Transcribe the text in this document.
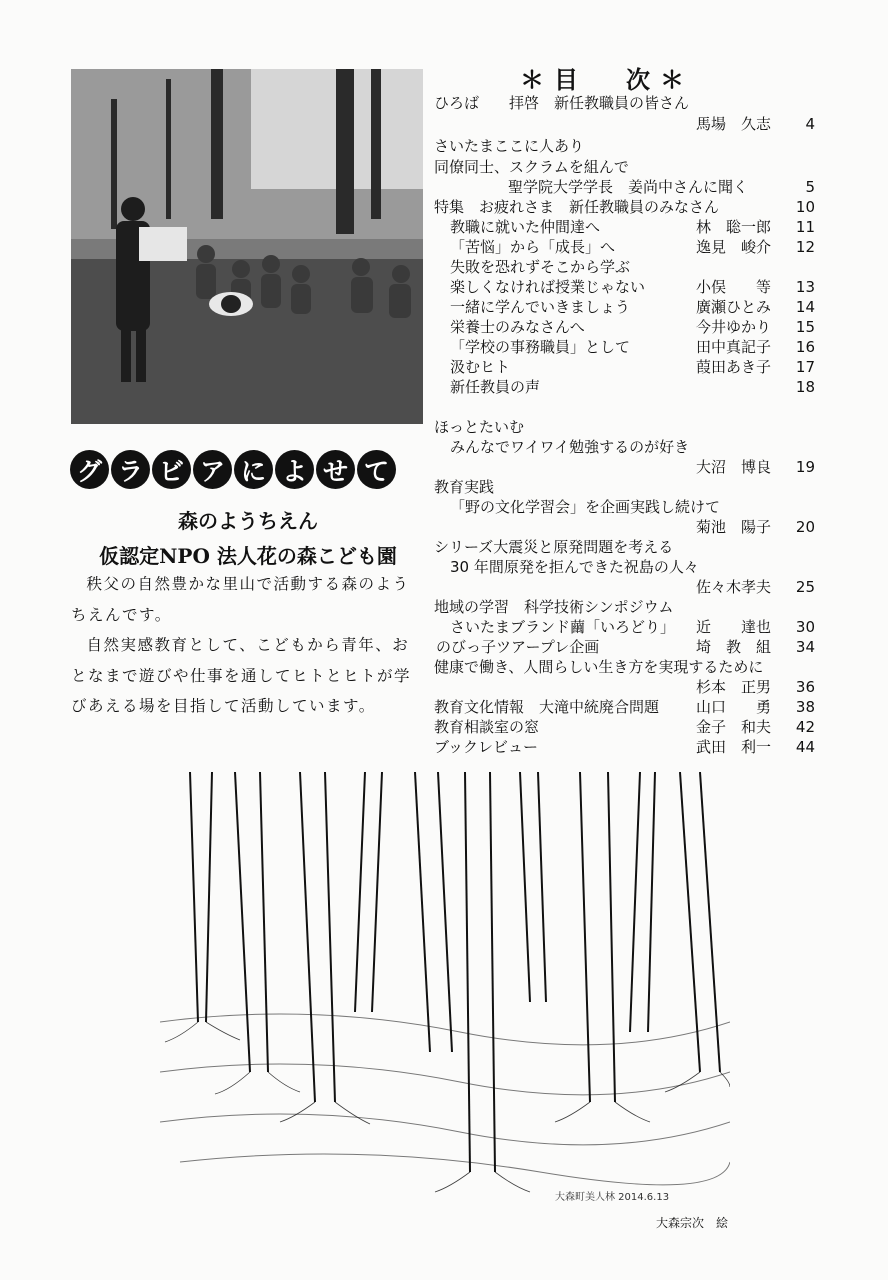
グ ラ ビ ア に よ せ て
森のようちえん
仮認定NPO 法人花の森こども園

秩父の自然豊かな里山で活動する森のようちえんです。

自然実感教育として、こどもから青年、おとなまで遊びや仕事を通してヒトとヒトが学びあえる場を目指して活動しています。

＊ 目　　次 ＊
ひろば　　拝啓　新任教職員の皆さん
馬場　久志 4
さいたまここに人あり
同僚同士、スクラムを組んで
聖学院大学学長　姜尚中さんに聞く	5
特集　お疲れさま　新任教職員のみなさん	10
教職に就いた仲間達へ	林　聡一郎 11
「苦悩」から「成長」へ	逸見　峻介 12
失敗を恐れずそこから学ぶ
楽しくなければ授業じゃない	小俣　　等 13
一緒に学んでいきましょう	廣瀬ひとみ 14
栄養士のみなさんへ	今井ゆかり 15
「学校の事務職員」として	田中真記子 16
汲むヒト	葭田あき子 17
新任教員の声	18
ほっとたいむ
みんなでワイワイ勉強するのが好き
大沼　博良 19
教育実践
「野の文化学習会」を企画実践し続けて
菊池　陽子 20
シリーズ大震災と原発問題を考える
30 年間原発を拒んできた祝島の人々
佐々木孝夫 25
地域の学習　科学技術シンポジウム
さいたまブランド繭「いろどり」 近　　達也 30
のびっ子ツアープレ企画	埼　教　組 34
健康で働き、人間らしい生き方を実現するために
杉本　正男 36
教育文化情報　大滝中統廃合問題 山口　　勇 38
教育相談室の窓	金子　和夫 42
ブックレビュー	武田　利一 44
大森町美人林 2014.6.13
大森宗次　絵
